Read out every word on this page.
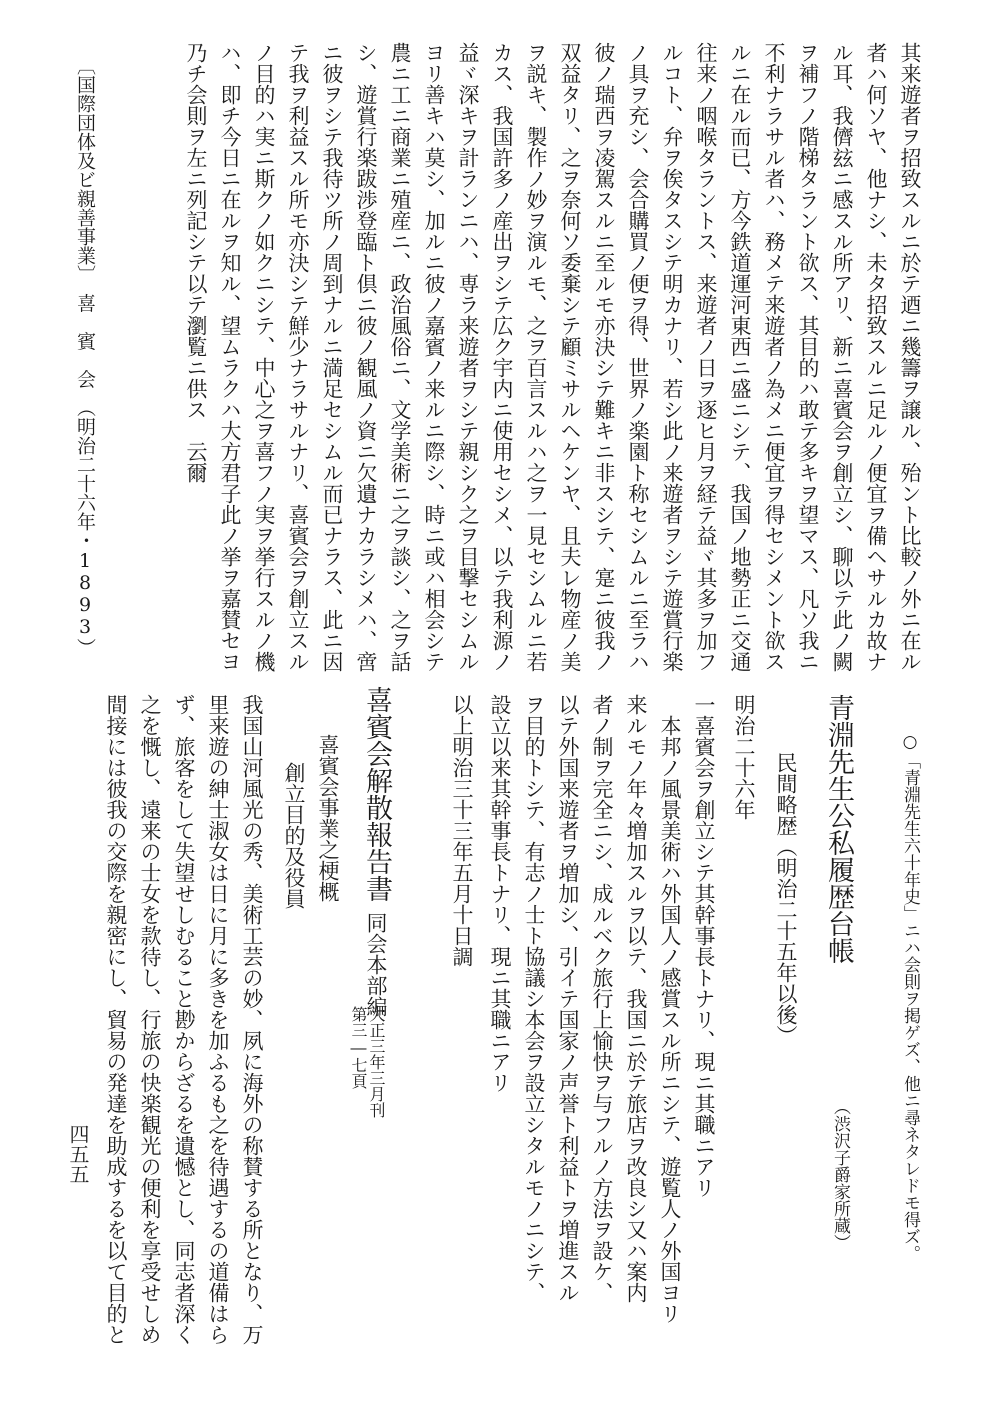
其来遊者ヲ招致スルニ於テ迺ニ幾籌ヲ譲ル、殆ント比較ノ外ニ在ル
者ハ何ソヤ、他ナシ、未タ招致スルニ足ルノ便宜ヲ備ヘサルカ故ナ
ル耳、我儕玆ニ感スル所アリ、新ニ喜賓会ヲ創立シ、聊以テ此ノ闕
ヲ補フノ階梯タラント欲ス、其目的ハ敢テ多キヲ望マス、凡ソ我ニ
不利ナラサル者ハ、務メテ来遊者ノ為メニ便宜ヲ得セシメント欲ス
ルニ在ル而已、方今鉄道運河東西ニ盛ニシテ、我国ノ地勢正ニ交通
往来ノ咽喉タラントス、来遊者ノ日ヲ逐ヒ月ヲ経テ益ヾ其多ヲ加フ
ルコト、弁ヲ俟タスシテ明カナリ、若シ此ノ来遊者ヲシテ遊賞行楽
ノ具ヲ充シ、会合購買ノ便ヲ得、世界ノ楽園ト称セシムルニ至ラハ
彼ノ瑞西ヲ凌駕スルニ至ルモ亦決シテ難キニ非スシテ、寔ニ彼我ノ
双益タリ、之ヲ奈何ソ委棄シテ顧ミサルヘケンヤ、且夫レ物産ノ美
ヲ説キ、製作ノ妙ヲ演ルモ、之ヲ百言スルハ之ヲ一見セシムルニ若
カス、我国許多ノ産出ヲシテ広ク宇内ニ使用セシメ、以テ我利源ノ
益ヾ深キヲ計ランニハ、専ラ来遊者ヲシテ親シク之ヲ目撃セシムル
ヨリ善キハ莫シ、加ルニ彼ノ嘉賓ノ来ルニ際シ、時ニ或ハ相会シテ
農ニ工ニ商業ニ殖産ニ、政治風俗ニ、文学美術ニ之ヲ談シ、之ヲ話
シ、遊賞行楽跋渉登臨ト倶ニ彼ノ観風ノ資ニ欠遺ナカラシメハ、啻
ニ彼ヲシテ我待ツ所ノ周到ナルニ満足セシムル而已ナラス、此ニ因
テ我ヲ利益スル所モ亦決シテ鮮少ナラサルナリ、喜賓会ヲ創立スル
ノ目的ハ実ニ斯クノ如クニシテ、中心之ヲ喜フノ実ヲ挙行スルノ機
ハ、即チ今日ニ在ルヲ知ル、望ムラクハ大方君子此ノ挙ヲ嘉賛セヨ
乃チ会則ヲ左ニ列記シテ以テ瀏覧ニ供ス　云爾
〔国際団体及ビ親善事業〕　喜　賓　会　（明治二十六年・1893）
○「青淵先生六十年史」ニハ会則ヲ掲ゲズ、他ニ尋ネタレドモ得ズ。
青淵先生公私履歴台帳
（渋沢子爵家所蔵）
民間略歴（明治二十五年以後）
明治二十六年
一喜賓会ヲ創立シテ其幹事長トナリ、現ニ其職ニアリ
　本邦ノ風景美術ハ外国人ノ感賞スル所ニシテ、遊覧人ノ外国ヨリ
来ルモノ年々増加スルヲ以テ、我国ニ於テ旅店ヲ改良シ又ハ案内
者ノ制ヲ完全ニシ、成ルベク旅行上愉快ヲ与フルノ方法ヲ設ケ、
以テ外国来遊者ヲ増加シ、引イテ国家ノ声誉ト利益トヲ増進スル
ヲ目的トシテ、有志ノ士ト協議シ本会ヲ設立シタルモノニシテ、
設立以来其幹事長トナリ、現ニ其職ニアリ
以上明治三十三年五月十日調
喜賓会解散報告書
同会本部編
第三―七頁 大正三年三月刊
喜賓会事業之梗概
創立目的及役員
我国山河風光の秀、美術工芸の妙、夙に海外の称賛する所となり、万
里来遊の紳士淑女は日に月に多きを加ふるも之を待遇するの道備はら
ず、旅客をして失望せしむること尠からざるを遺憾とし、同志者深く
之を慨し、遠来の士女を款待し、行旅の快楽観光の便利を享受せしめ
間接には彼我の交際を親密にし、貿易の発達を助成するを以て目的と
四五五
